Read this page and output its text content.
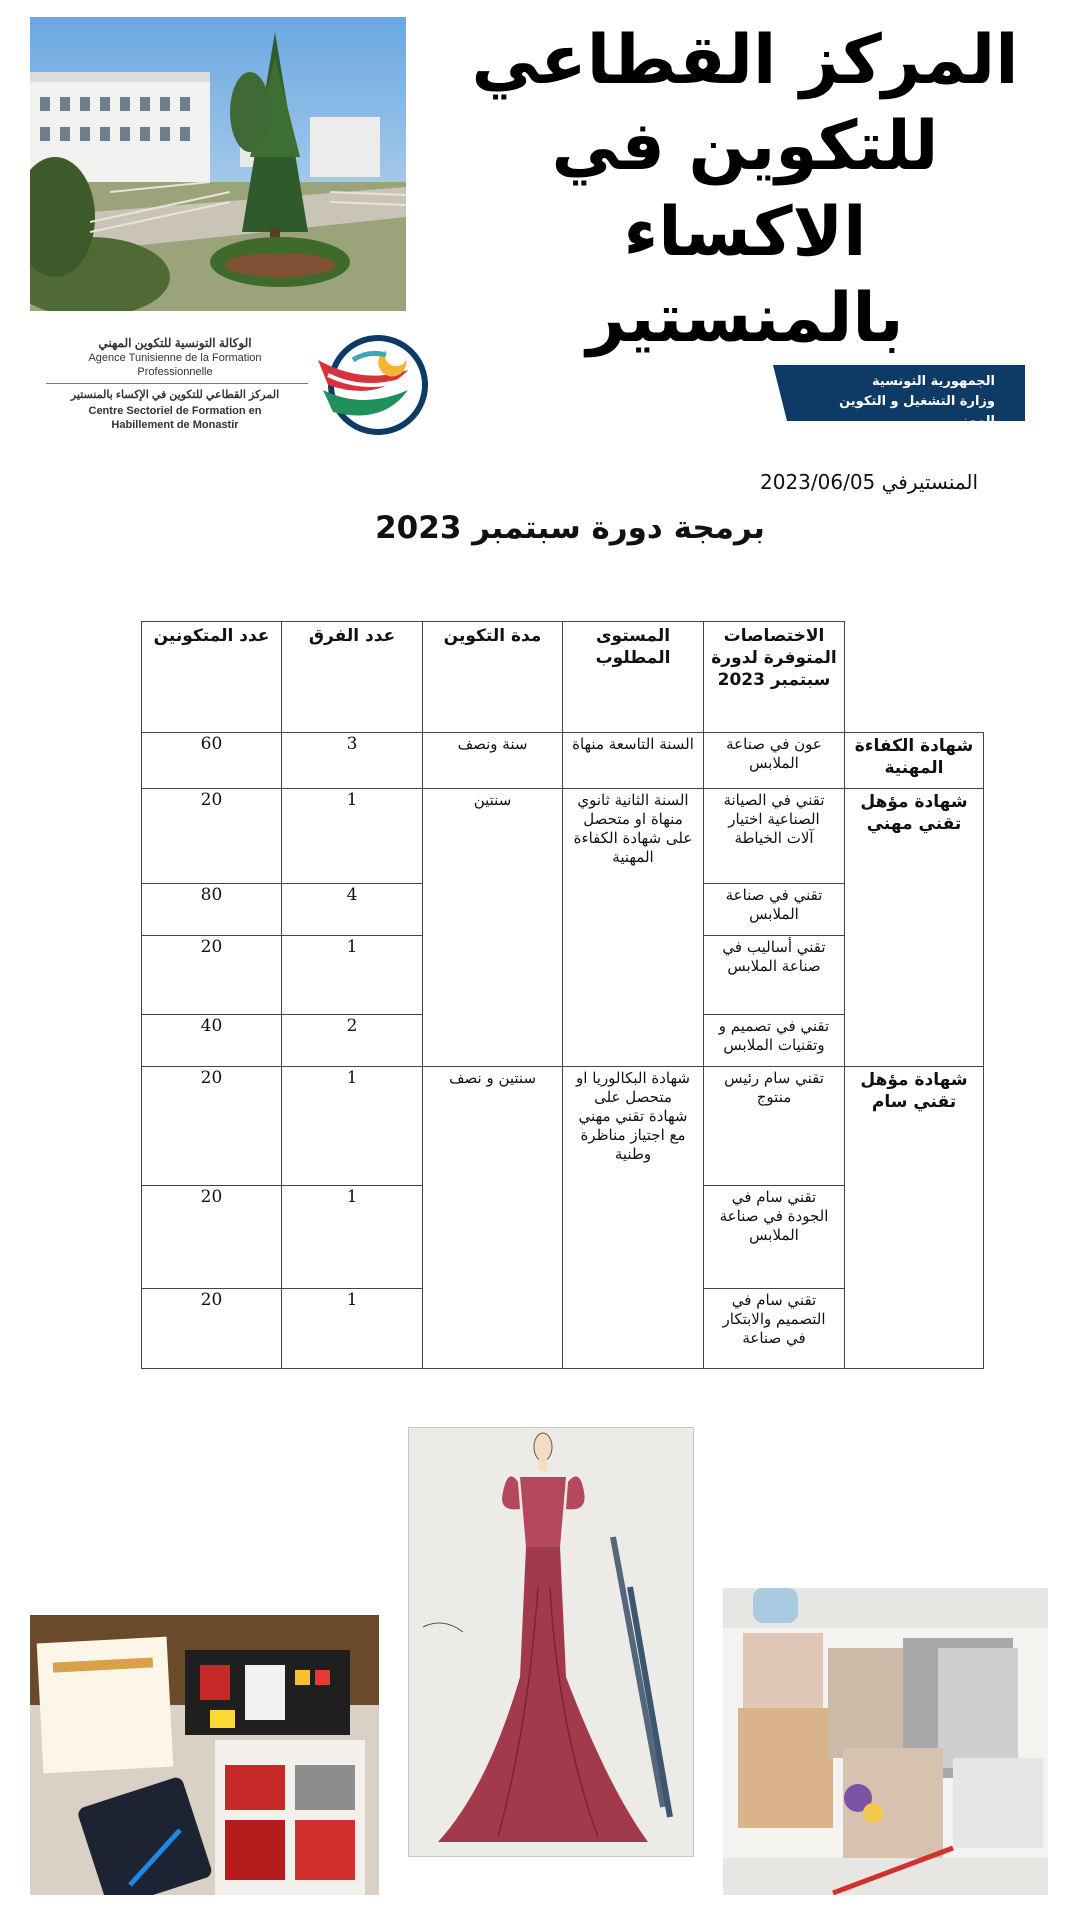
المركز القطاعي
للتكوين في الاكساء
بالمنستير
الوكالة التونسية للتكوين المهني
Agence Tunisienne de la Formation
Professionnelle
المركز القطاعي للتكوين في الإكساء بالمنستير
Centre Sectoriel de Formation en
Habillement de Monastir
الجمهورية التونسية
وزارة التشغيل و التكوين المهني
المنستيرفي 2023/06/05
برمجة دورة سبتمبر 2023
الاختصاصات
المتوفرة لدورة
سبتمبر 2023
المستوى
المطلوب
مدة التكوين
عدد الفرق
عدد المتكونين
شهادة الكفاءة
المهنية
شهادة مؤهل
تقني مهني
شهادة مؤهل
تقني سام
السنة التاسعة منهاة
السنة الثانية ثانوي
منهاة او متحصل
على شهادة الكفاءة
المهنية
شهادة البكالوريا او
متحصل على
شهادة تقني مهني
مع اجتياز مناظرة
وطنية
سنة ونصف
سنتين
سنتين و نصف
عون في صناعة
الملابس
تقني في الصيانة
الصناعية اختيار
آلات الخياطة
تقني في صناعة
الملابس
تقني أساليب في
صناعة الملابس
تقني في تصميم و
وتقنيات الملابس
تقني سام رئيس
منتوج
تقني سام في
الجودة في صناعة
الملابس
تقني سام في
التصميم والابتكار
في صناعة
3
1
4
1
2
1
1
1
60
20
80
20
40
20
20
20
